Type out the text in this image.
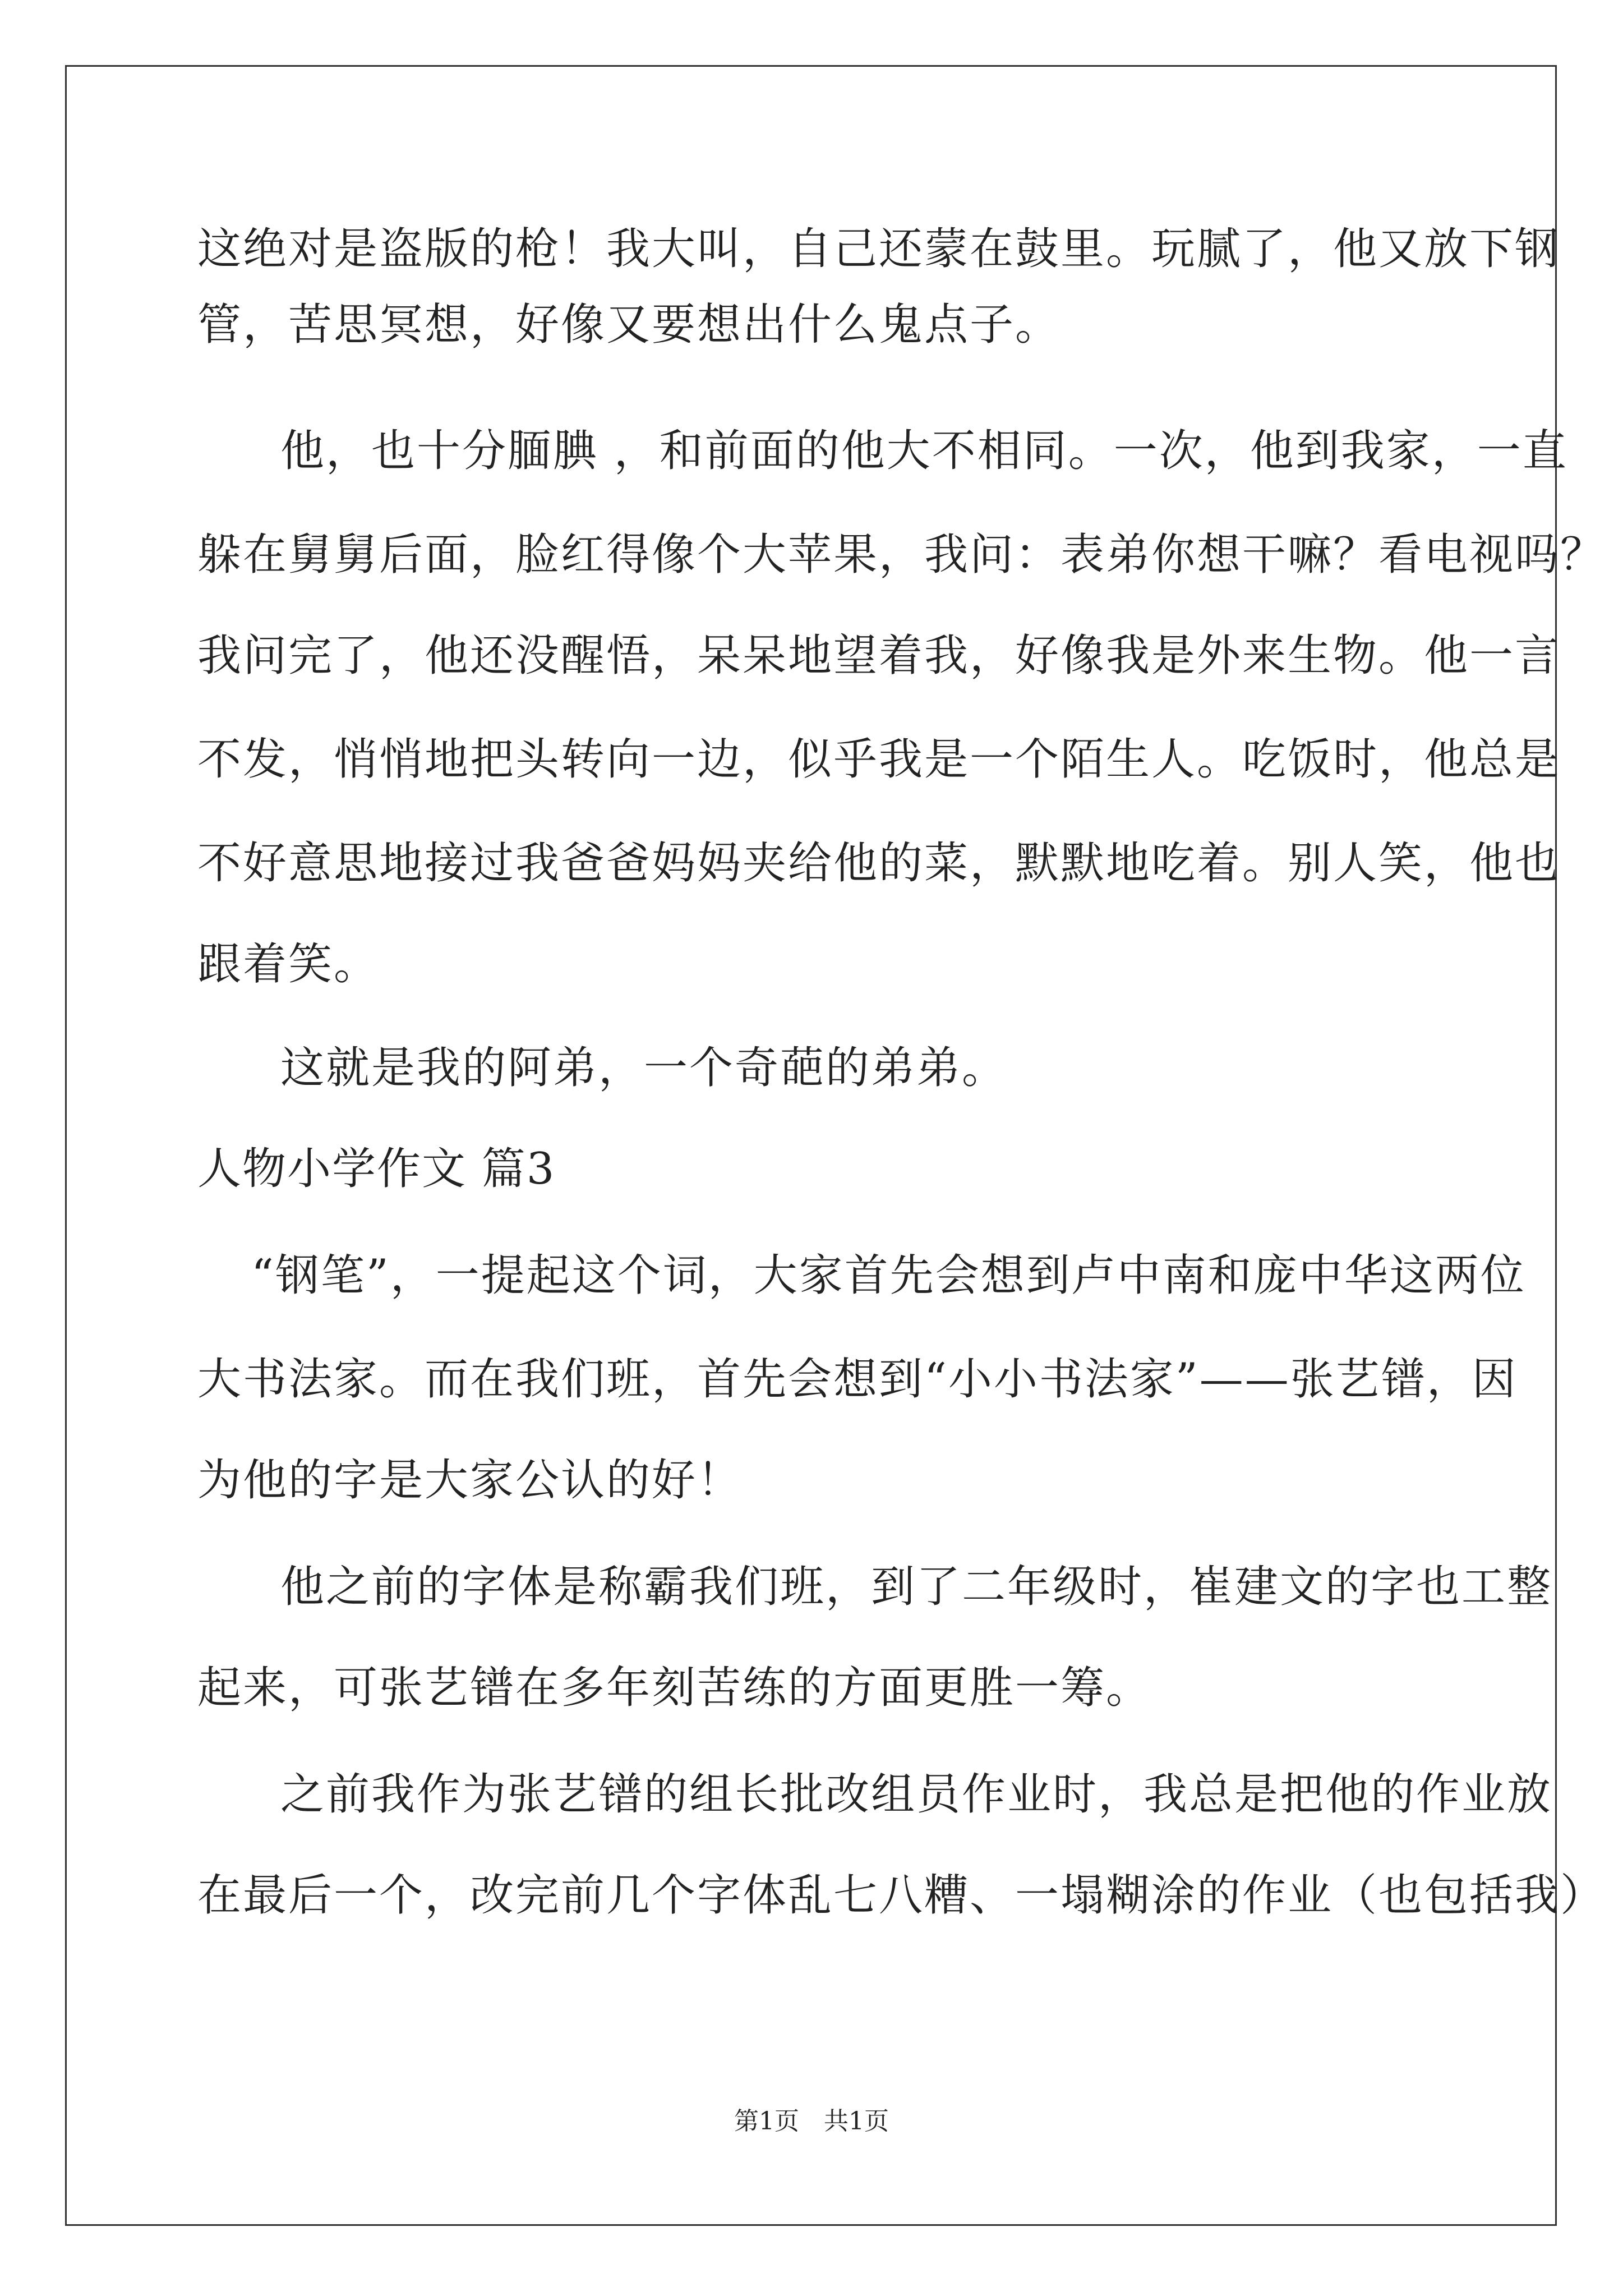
这绝对是盗版的枪！我大叫，自己还蒙在鼓里。玩腻了，他又放下钢
管，苦思冥想，好像又要想出什么鬼点子。
他，也十分腼腆 ，和前面的他大不相同。一次，他到我家，一直
躲在舅舅后面，脸红得像个大苹果，我问：表弟你想干嘛？看电视吗？
我问完了，他还没醒悟，呆呆地望着我，好像我是外来生物。他一言
不发，悄悄地把头转向一边，似乎我是一个陌生人。吃饭时，他总是
不好意思地接过我爸爸妈妈夹给他的菜，默默地吃着。别人笑，他也
跟着笑。
这就是我的阿弟，一个奇葩的弟弟。
人物小学作文 篇3
“钢笔”，一提起这个词，大家首先会想到卢中南和庞中华这两位
大书法家。而在我们班，首先会想到“小小书法家”——张艺镨，因
为他的字是大家公认的好！
他之前的字体是称霸我们班，到了二年级时，崔建文的字也工整
起来，可张艺镨在多年刻苦练的方面更胜一筹。
之前我作为张艺镨的组长批改组员作业时，我总是把他的作业放
在最后一个，改完前几个字体乱七八糟、一塌糊涂的作业（也包括我）
第1页 共1页
